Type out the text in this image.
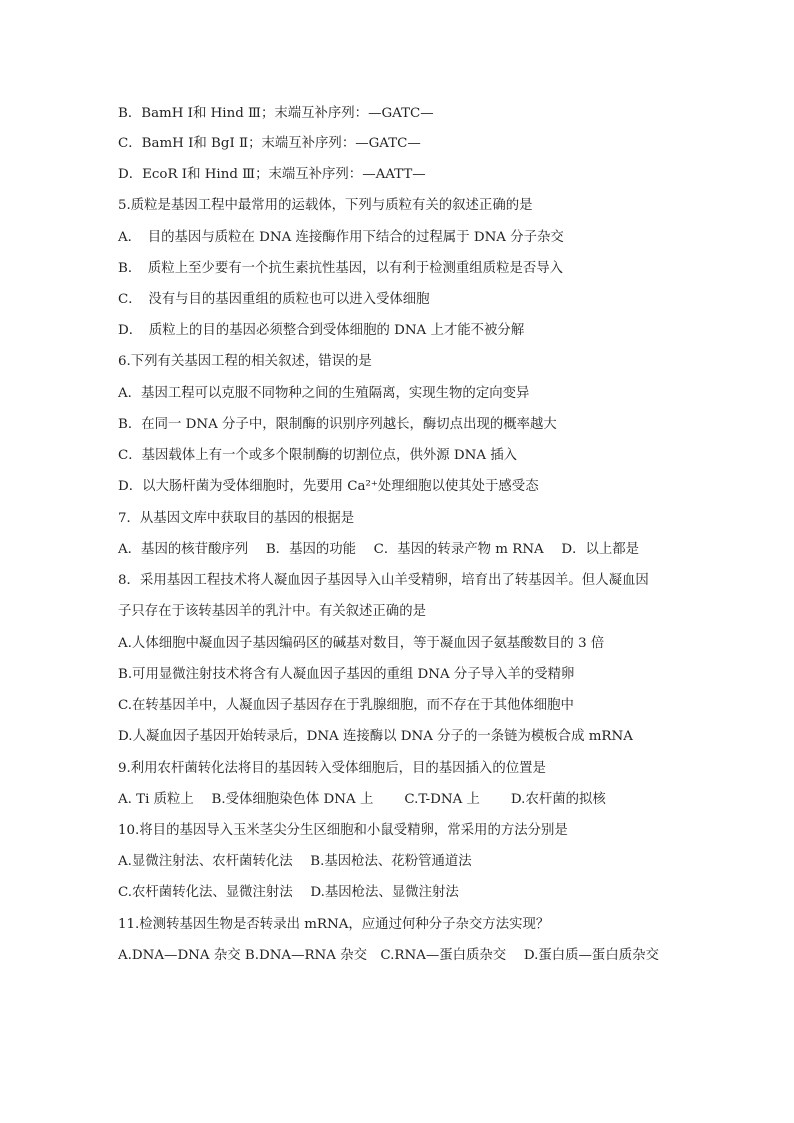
B．BamH Ⅰ和 Hind Ⅲ；末端互补序列：—GATC—
C．BamH Ⅰ和 BgI Ⅱ；末端互补序列：—GATC—
D．EcoR Ⅰ和 Hind Ⅲ；末端互补序列：—AATT—
5.质粒是基因工程中最常用的运载体，下列与质粒有关的叙述正确的是
A．　目的基因与质粒在 DNA 连接酶作用下结合的过程属于 DNA 分子杂交
B．　质粒上至少要有一个抗生素抗性基因，以有利于检测重组质粒是否导入
C．　没有与目的基因重组的质粒也可以进入受体细胞
D．　质粒上的目的基因必须整合到受体细胞的 DNA 上才能不被分解
6.下列有关基因工程的相关叙述，错误的是
A．基因工程可以克服不同物种之间的生殖隔离，实现生物的定向变异
B．在同一 DNA 分子中，限制酶的识别序列越长，酶切点出现的概率越大
C．基因载体上有一个或多个限制酶的切割位点，供外源 DNA 插入
D．以大肠杆菌为受体细胞时，先要用 Ca²⁺处理细胞以使其处于感受态
7．从基因文库中获取目的基因的根据是
A．基因的核苷酸序列　 B．基因的功能　 C．基因的转录产物 m RNA　 D．以上都是
8．采用基因工程技术将人凝血因子基因导入山羊受精卵，培育出了转基因羊。但人凝血因
子只存在于该转基因羊的乳汁中。有关叙述正确的是
A.人体细胞中凝血因子基因编码区的碱基对数目，等于凝血因子氨基酸数目的 3 倍
B.可用显微注射技术将含有人凝血因子基因的重组 DNA 分子导入羊的受精卵
C.在转基因羊中，人凝血因子基因存在于乳腺细胞，而不存在于其他体细胞中
D.人凝血因子基因开始转录后，DNA 连接酶以 DNA 分子的一条链为模板合成 mRNA
9.利用农杆菌转化法将目的基因转入受体细胞后，目的基因插入的位置是
A. Ti 质粒上　 B.受体细胞染色体 DNA 上　　 C.T-DNA 上　　 D.农杆菌的拟核
10.将目的基因导入玉米茎尖分生区细胞和小鼠受精卵，常采用的方法分别是
A.显微注射法、农杆菌转化法　 B.基因枪法、花粉管通道法
C.农杆菌转化法、显微注射法　 D.基因枪法、显微注射法
11.检测转基因生物是否转录出 mRNA，应通过何种分子杂交方法实现？
A.DNA—DNA 杂交 B.DNA—RNA 杂交　C.RNA—蛋白质杂交　 D.蛋白质—蛋白质杂交
